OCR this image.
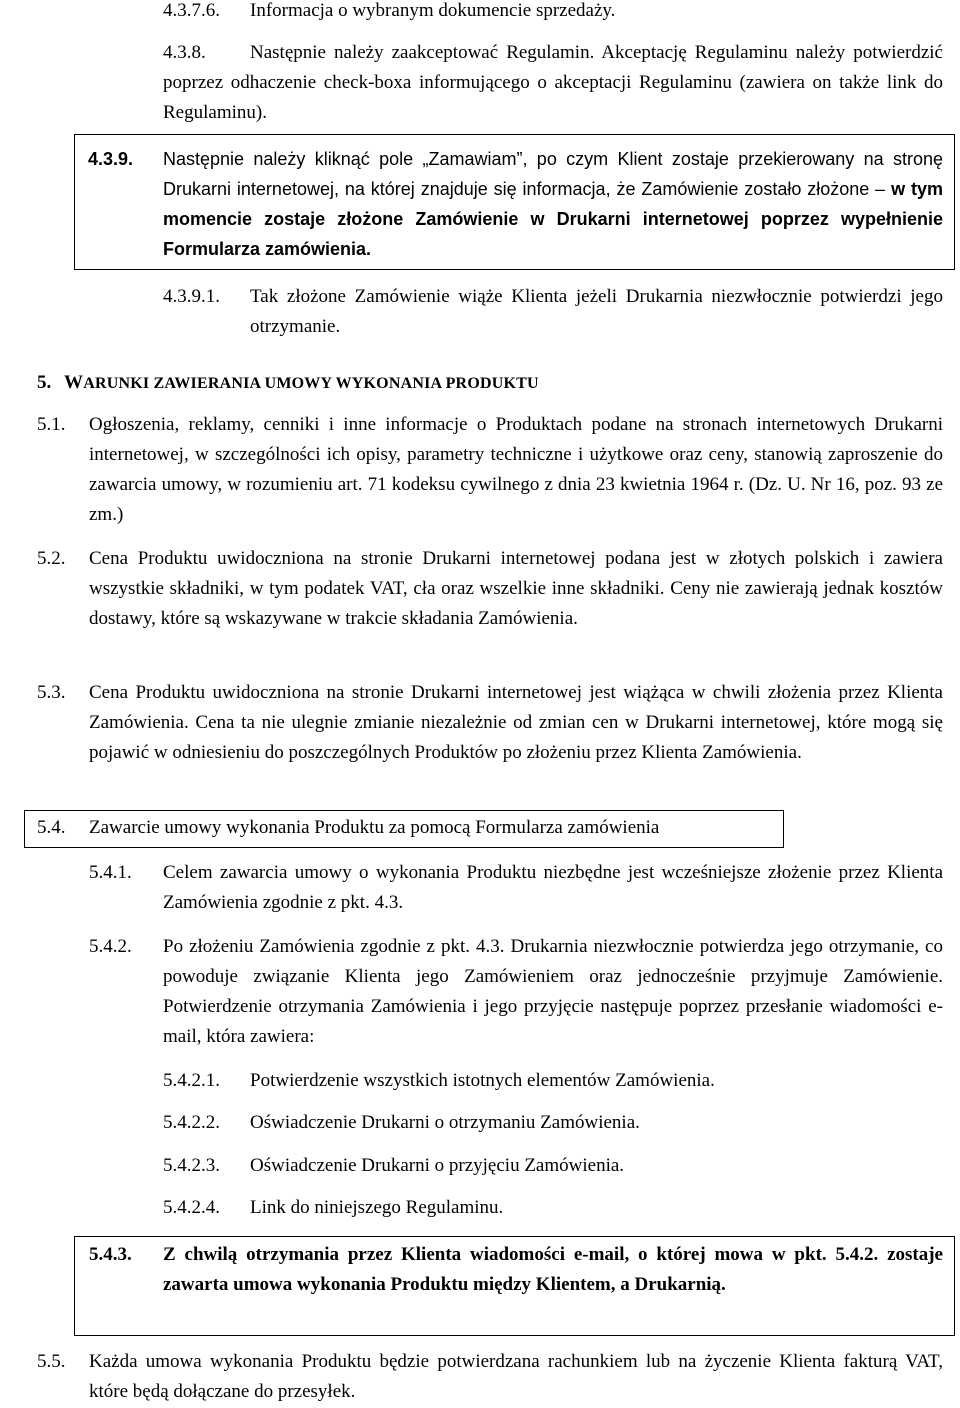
4.3.7.6. Informacja o wybranym dokumencie sprzedaży.
4.3.8.	Następnie należy zaakceptować Regulamin. Akceptację Regulaminu należy potwierdzić poprzez odhaczenie check-boxa informującego o akceptacji Regulaminu (zawiera on także link do Regulaminu).
4.3.9. Następnie należy kliknąć pole „Zamawiam”, po czym Klient zostaje przekierowany na stronę Drukarni internetowej, na której znajduje się informacja, że Zamówienie zostało złożone – w tym momencie zostaje złożone Zamówienie w Drukarni internetowej poprzez wypełnienie Formularza zamówienia.
4.3.9.1. Tak złożone Zamówienie wiąże Klienta jeżeli Drukarnia niezwłocznie potwierdzi jego otrzymanie.
5. WARUNKI ZAWIERANIA UMOWY WYKONANIA PRODUKTU
5.1. Ogłoszenia, reklamy, cenniki i inne informacje o Produktach podane na stronach internetowych Drukarni internetowej, w szczególności ich opisy, parametry techniczne i użytkowe oraz ceny, stanowią zaproszenie do zawarcia umowy, w rozumieniu art. 71 kodeksu cywilnego z dnia 23 kwietnia 1964 r. (Dz. U. Nr 16, poz. 93 ze zm.)
5.2. Cena Produktu uwidoczniona na stronie Drukarni internetowej podana jest w złotych polskich i zawiera wszystkie składniki, w tym podatek VAT, cła oraz wszelkie inne składniki. Ceny nie zawierają jednak kosztów dostawy, które są wskazywane w trakcie składania Zamówienia.
5.3. Cena Produktu uwidoczniona na stronie Drukarni internetowej jest wiążąca w chwili złożenia przez Klienta Zamówienia. Cena ta nie ulegnie zmianie niezależnie od zmian cen w Drukarni internetowej, które mogą się pojawić w odniesieniu do poszczególnych Produktów po złożeniu przez Klienta Zamówienia.
5.4. Zawarcie umowy wykonania Produktu za pomocą Formularza zamówienia
5.4.1. Celem zawarcia umowy o wykonania Produktu niezbędne jest wcześniejsze złożenie przez Klienta Zamówienia zgodnie z pkt. 4.3.
5.4.2. Po złożeniu Zamówienia zgodnie z pkt. 4.3. Drukarnia niezwłocznie potwierdza jego otrzymanie, co powoduje związanie Klienta jego Zamówieniem oraz jednocześnie przyjmuje Zamówienie. Potwierdzenie otrzymania Zamówienia i jego przyjęcie następuje poprzez przesłanie wiadomości e-mail, która zawiera:
5.4.2.1. Potwierdzenie wszystkich istotnych elementów Zamówienia.
5.4.2.2. Oświadczenie Drukarni o otrzymaniu Zamówienia.
5.4.2.3. Oświadczenie Drukarni o przyjęciu Zamówienia.
5.4.2.4. Link do niniejszego Regulaminu.
5.4.3. Z chwilą otrzymania przez Klienta wiadomości e-mail, o której mowa w pkt. 5.4.2. zostaje zawarta umowa wykonania Produktu między Klientem, a Drukarnią.
5.5. Każda umowa wykonania Produktu będzie potwierdzana rachunkiem lub na życzenie Klienta fakturą VAT, które będą dołączane do przesyłek.
